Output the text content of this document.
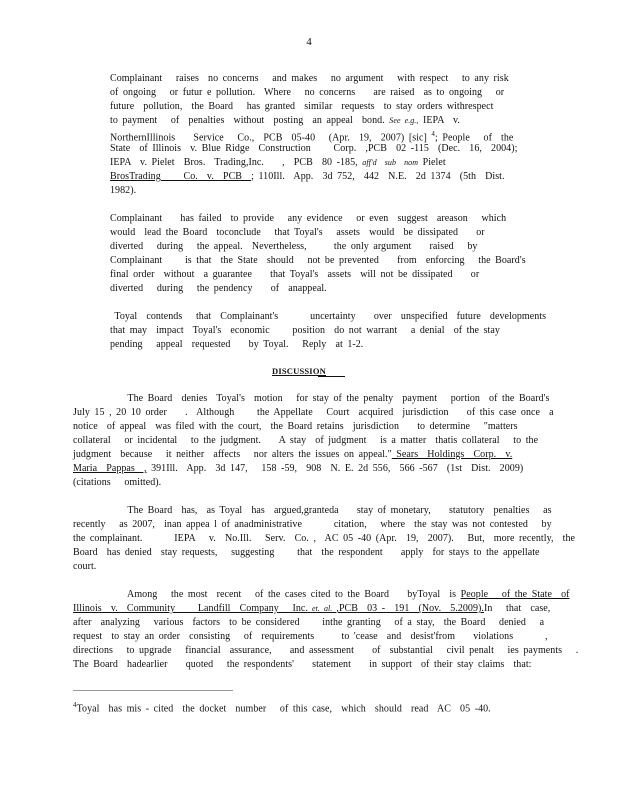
4
Complainant   raises  no concerns   and makes   no argument   with respect   to any risk
of ongoing   or futur e pollution.  Where   no concerns    are raised  as to ongoing   or
future  pollution,  the Board   has granted  similar  requests  to stay orders withrespect
to payment   of  penalties  without  posting  an appeal  bond. See e.g., IEPA  v.
NorthernIllinois    Service   Co.,  PCB  05-40   (Apr.  19,  2007) [sic] $^4$; People   of  the
State  of Illinois  v. Blue Ridge  Construction     Corp.  ,PCB  02 -115  (Dec.  16,  2004);
IEPA  v. Pielet  Bros.  Trading,Inc.    ,  PCB  80 -185, aff'd  sub  nom Pielet
BrosTrading     Co.  v.  PCB  ; 110Ill.  App.  3d 752,  442  N.E.  2d 1374  (5th  Dist.
1982).
Complainant    has failed  to provide   any evidence   or even  suggest  areason   which
would  lead the Board  toconclude   that Toyal's   assets  would  be dissipated    or
diverted   during   the appeal.  Nevertheless,      the only argument    raised   by
Complainant     is that  the State  should   not be prevented    from  enforcing   the Board's
final order  without  a guarantee    that Toyal's  assets  will not be dissipated    or
diverted   during   the pendency    of  anappeal.
Toyal  contends   that  Complainant's       uncertainty    over  unspecified  future  developments
that may  impact  Toyal's  economic     position  do not warrant   a denial  of the stay
pending   appeal  requested    by Toyal.   Reply  at 1-2.
DISCUSSION
The Board  denies  Toyal's  motion   for stay of the penalty  payment   portion  of the Board's
July 15 , 20 10 order    .  Although     the Appellate   Court  acquired  jurisdiction    of this case once  a
notice  of appeal  was filed with the court,  the Board retains  jurisdiction    to determine   "matters
collateral   or incidental   to the judgment.    A stay  of judgment   is a matter  thatis collateral   to the
judgment  because   it neither  affects   nor alters the issues on appeal." Sears  Holdings  Corp.  v.
Maria  Pappas  , 391Ill.  App.  3d 147,   158 -59,  908  N. E. 2d 556,  566 -567  (1st  Dist.  2009)
(citations   omitted).
The Board  has,  as Toyal  has  argued,granteda    stay of monetary,    statutory  penalties   as
recently   as 2007,  inan appea l of anadministrative       citation,   where  the stay was not contested   by
the complainant.       IEPA   v.  No.Ill.   Serv.  Co. ,  AC 05 -40 (Apr.  19,  2007).   But,  more recently,  the
Board  has denied  stay requests,   suggesting     that  the respondent    apply  for stays to the appellate
court.
Among   the most  recent   of the cases cited to the Board    byToyal  is People   of the State  of
Illinois  v.  Community     Landfill  Company   Inc. et. al. ,PCB  03 -  191  (Nov.  5.2009).In   that  case,
after  analyzing   various  factors  to be considered     inthe granting   of a stay,  the Board   denied   a
request  to stay an order  consisting   of  requirements      to 'cease  and  desist'from    violations       ,
directions   to upgrade   financial  assurance,    and assessment    of  substantial   civil penalt   ies payments   .
The Board  hadearlier    quoted   the respondents'    statement    in support  of their stay claims  that:
$^4$Toyal  has mis - cited  the docket  number   of this case,  which  should  read  AC  05 -40.
